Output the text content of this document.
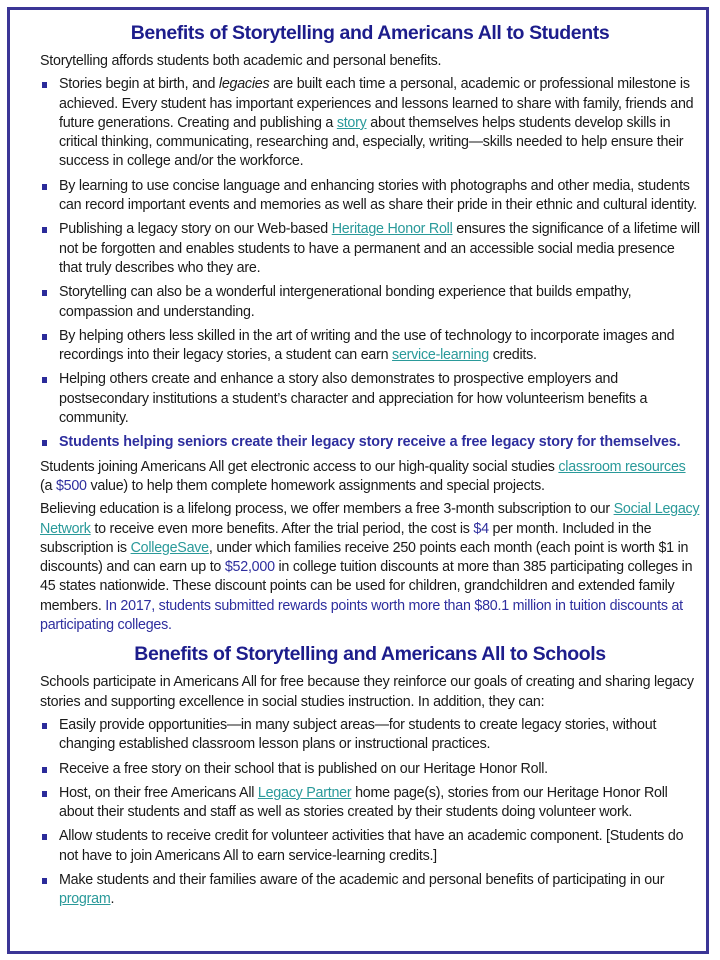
Benefits of Storytelling and Americans All to Students

Storytelling affords students both academic and personal benefits.

Stories begin at birth, and legacies are built each time a personal, academic or professional milestone is achieved. Every student has important experiences and lessons learned to share with family, friends and future generations. Creating and publishing a story about themselves helps students develop skills in critical thinking, communicating, researching and, especially, writing—skills needed to help ensure their success in college and/or the workforce.
By learning to use concise language and enhancing stories with photographs and other media, students can record important events and memories as well as share their pride in their ethnic and cultural identity.
Publishing a legacy story on our Web-based Heritage Honor Roll ensures the significance of a lifetime will not be forgotten and enables students to have a permanent and an accessible social media presence that truly describes who they are.
Storytelling can also be a wonderful intergenerational bonding experience that builds empathy, compassion and understanding.
By helping others less skilled in the art of writing and the use of technology to incorporate images and recordings into their legacy stories, a student can earn service-learning credits.
Helping others create and enhance a story also demonstrates to prospective employers and postsecondary institutions a student’s character and appreciation for how volunteerism benefits a community.
Students helping seniors create their legacy story receive a free legacy story for themselves.

Students joining Americans All get electronic access to our high-quality social studies classroom resources (a $500 value) to help them complete homework assignments and special projects.

Believing education is a lifelong process, we offer members a free 3-month subscription to our Social Legacy Network to receive even more benefits. After the trial period, the cost is $4 per month. Included in the subscription is CollegeSave, under which families receive 250 points each month (each point is worth $1 in discounts) and can earn up to $52,000 in college tuition discounts at more than 385 participating colleges in 45 states nationwide. These discount points can be used for children, grandchildren and extended family members. In 2017, students submitted rewards points worth more than $80.1 million in tuition discounts at participating colleges.

Benefits of Storytelling and Americans All to Schools

Schools participate in Americans All for free because they reinforce our goals of creating and sharing legacy stories and supporting excellence in social studies instruction. In addition, they can:

Easily provide opportunities—in many subject areas—for students to create legacy stories, without changing established classroom lesson plans or instructional practices.
Receive a free story on their school that is published on our Heritage Honor Roll.
Host, on their free Americans All Legacy Partner home page(s), stories from our Heritage Honor Roll about their students and staff as well as stories created by their students doing volunteer work.
Allow students to receive credit for volunteer activities that have an academic component. [Students do not have to join Americans All to earn service-learning credits.]
Make students and their families aware of the academic and personal benefits of participating in our program.
